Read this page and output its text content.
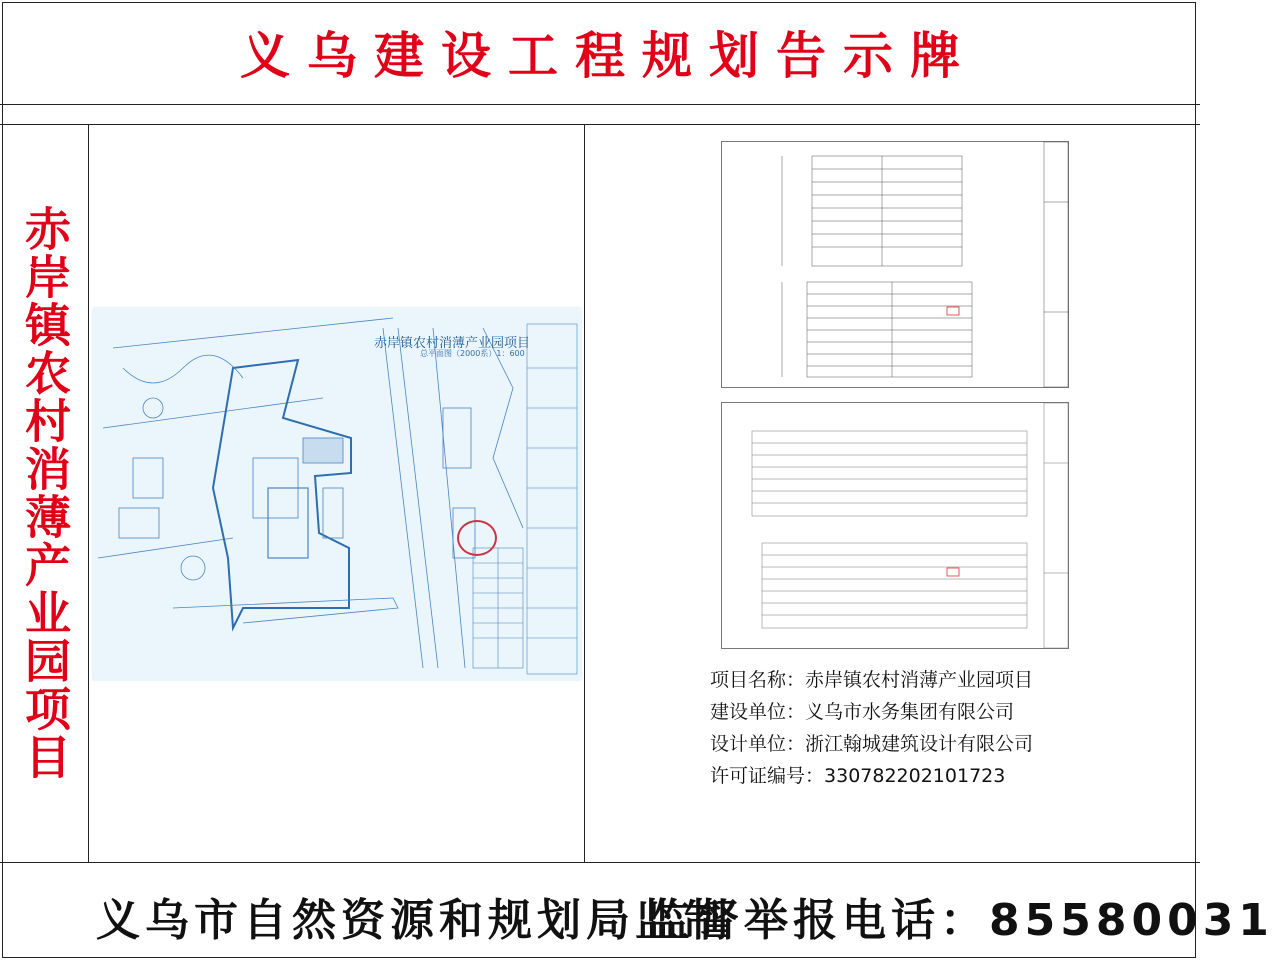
义乌建设工程规划告示牌
赤岸镇农村消薄产业园项目	赤岸镇农村消薄产业园项目
总平面图（2000系）1：600
项目名称：赤岸镇农村消薄产业园项目
建设单位：义乌市水务集团有限公司
设计单位：浙江翰城建筑设计有限公司
许可证编号：330782202101723
义乌市自然资源和规划局监制
监督举报电话：85580031
